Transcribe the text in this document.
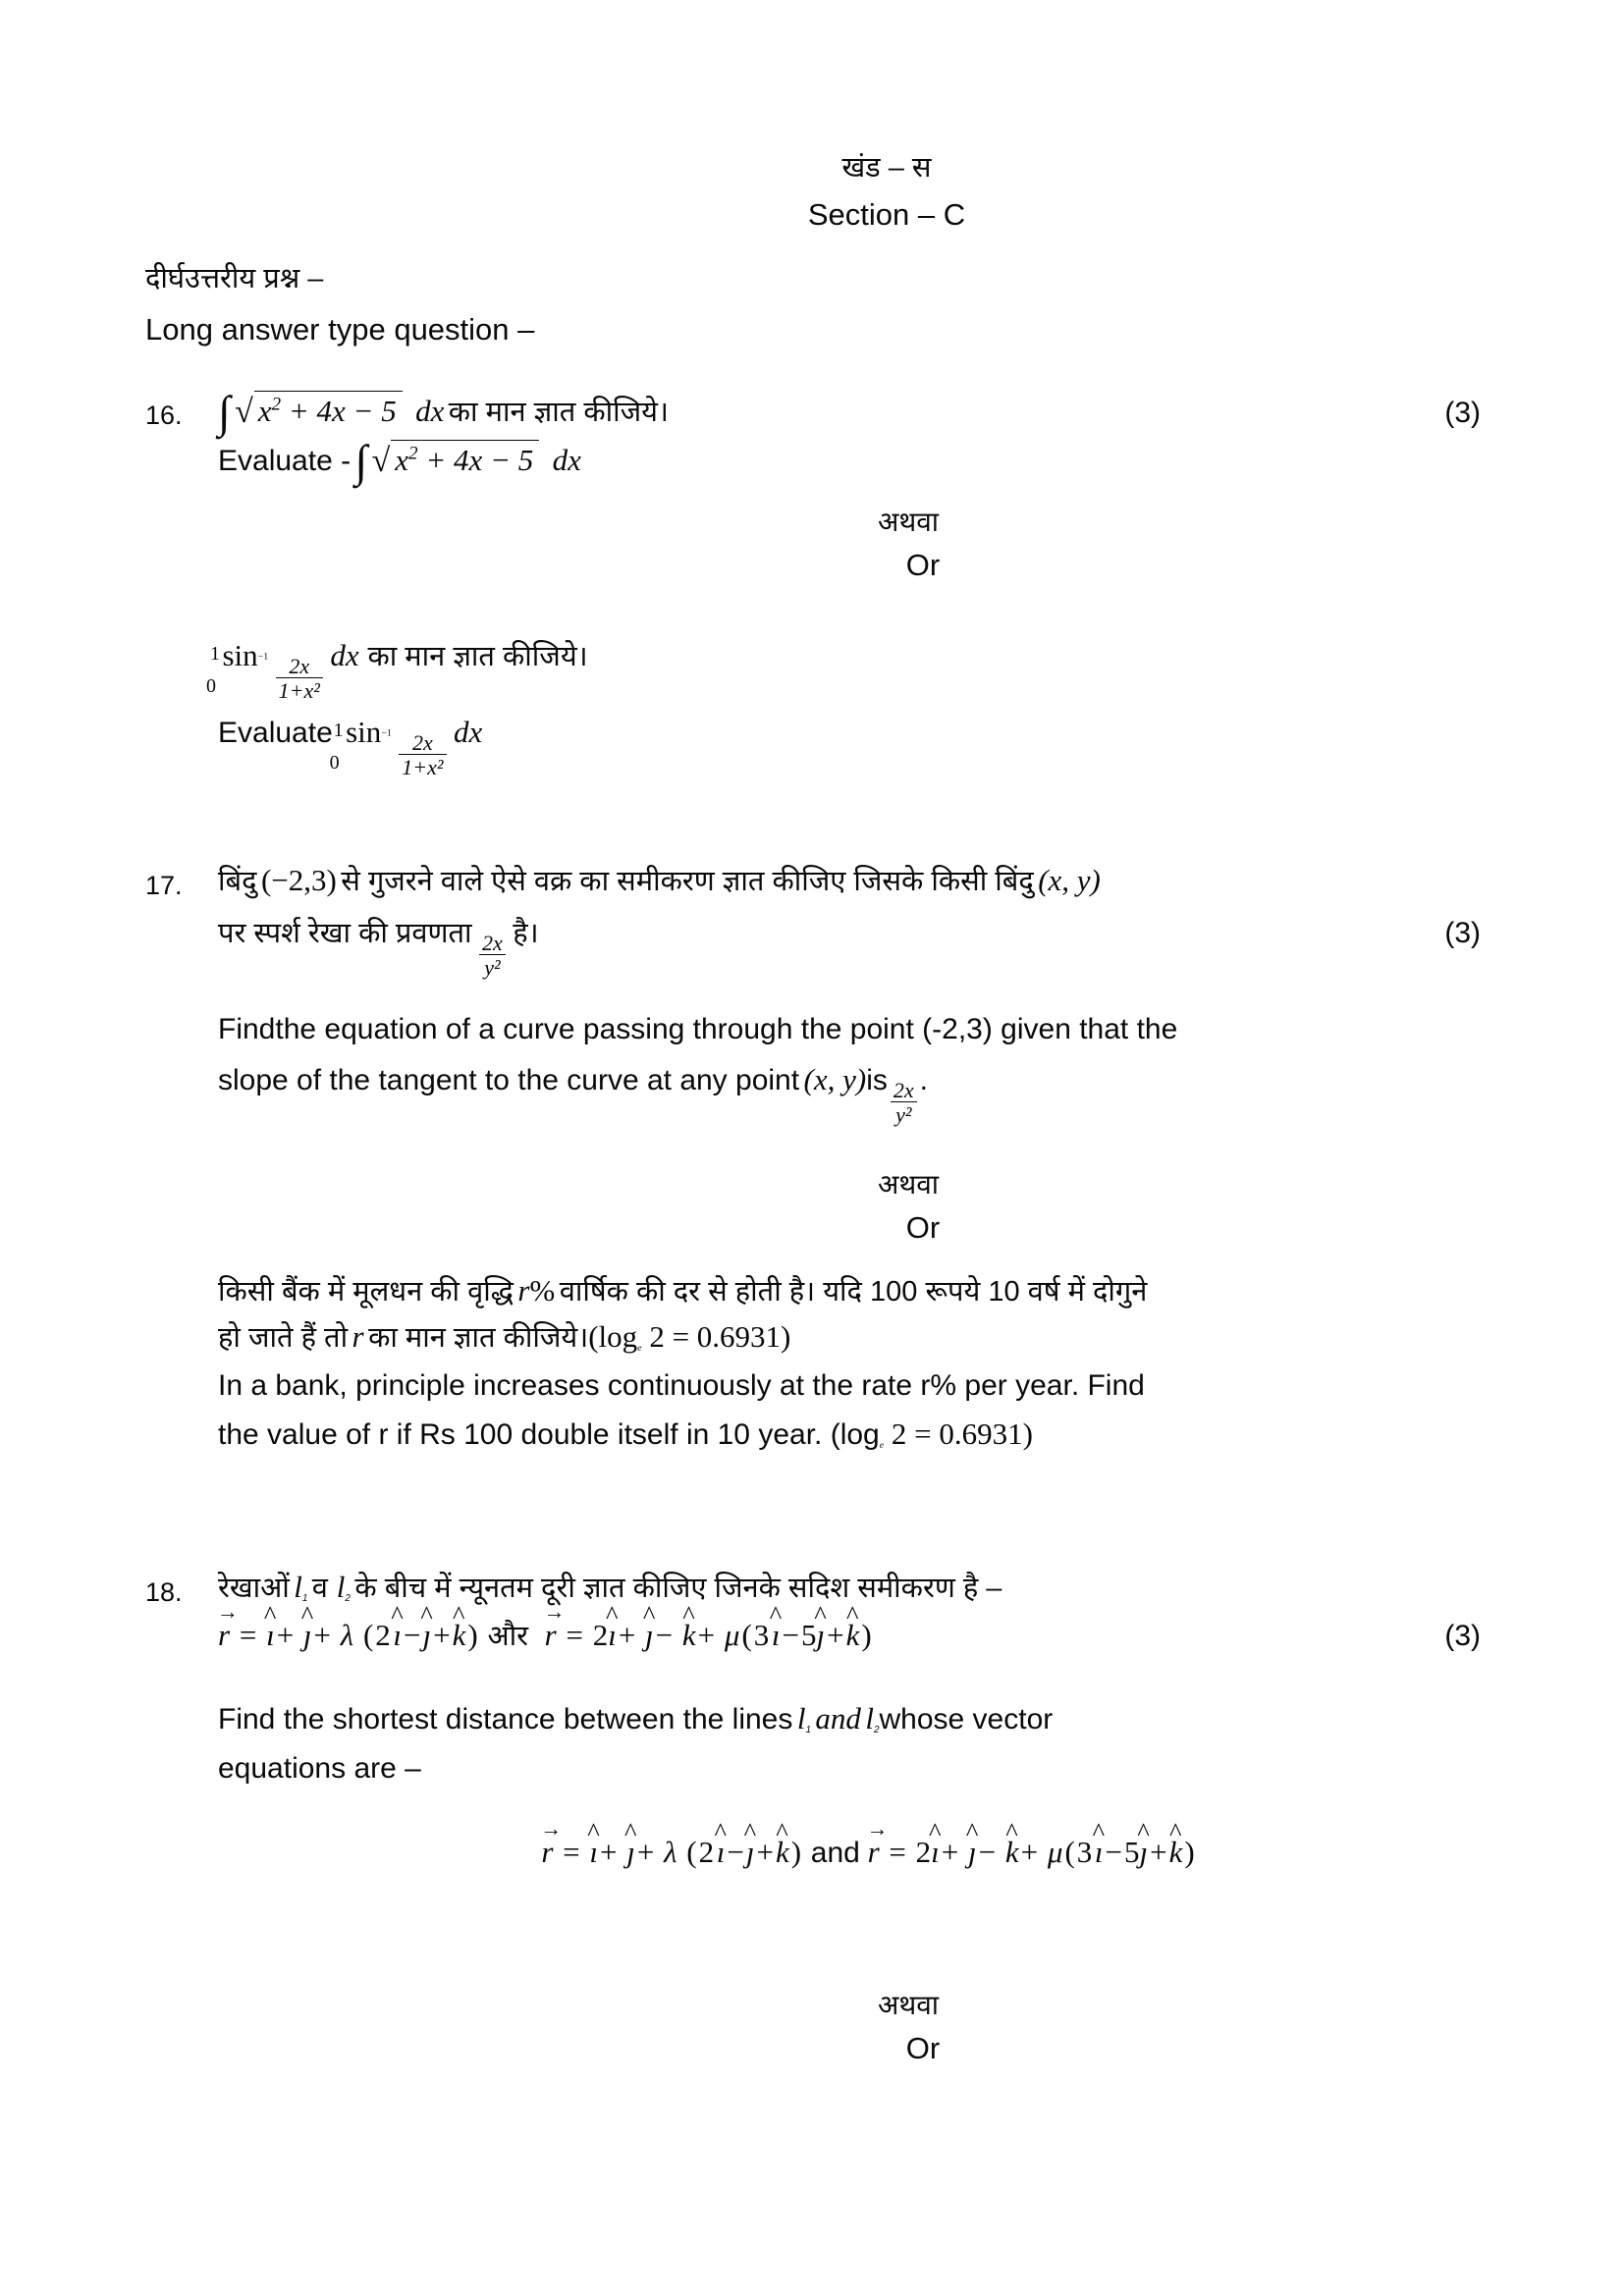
खंड – स
Section – C
दीर्घउत्तरीय प्रश्न –
Long answer type question –
16.	(3)
∫ √ $x^2 + 4x - 5$ dx का मान ज्ञात कीजिये।
Evaluate - ∫ √ $x^2 + 4x - 5$ dx
अथवा
Or
1
0
$\sin^{-1} \frac{2x}{\text{1+x²}}$ dx का मान ज्ञात कीजिये।
Evaluate 1
0
$\sin^{-1} \frac{2x}{\text{1+x²}}$ dx
17.	बिंदु (−2,3) से गुजरने वाले ऐसे वक्र का समीकरण ज्ञात कीजिए जिसके किसी बिंदु (x, y)
पर स्पर्श रेखा की प्रवणता $\frac{2x}{\text{y²}}$ है।	(3)
Findthe equation of a curve passing through the point (-2,3) given that the
slope of the tangent to the curve at any point (x, $y)is \frac{2x}{\text{y²}}$ .
अथवा
Or
किसी बैंक में मूलधन की वृद्धि r% वार्षिक की दर से होती है। यदि 100 रूपये 10 वर्ष में दोगुने
हो जाते हैं तो r का मान ज्ञात $कीजिये।(\log_e$ 2 = 0.6931)
In a bank, principle increases continuously at the rate r% per year. Find
the value of r if Rs 100 double itself in 10 year. ($\log_e$ 2 = 0.6931)
18.	रेखाओं $l_1$ व $l_2$ के बीच में न्यूनतम दूरी ज्ञात कीजिए जिनके सदिश समीकरण है –
r → = ı ^+ ȷ ^+ λ (2 ı ^−ȷ ^+k ^) और r → = 2ı ^+ ȷ ^− k ^+ μ(3 ı ^−5ȷ ^+k ^)	(3)
Find the shortest distance between the lines $l_1$ and $l_2whose$ vector
equations are –
r → = ı ^+ ȷ ^+ λ (2 ı ^−ȷ ^+k ^) and r → = 2ı ^+ ȷ ^− k ^+ μ(3 ı ^−5ȷ ^+k ^)
अथवा
Or
